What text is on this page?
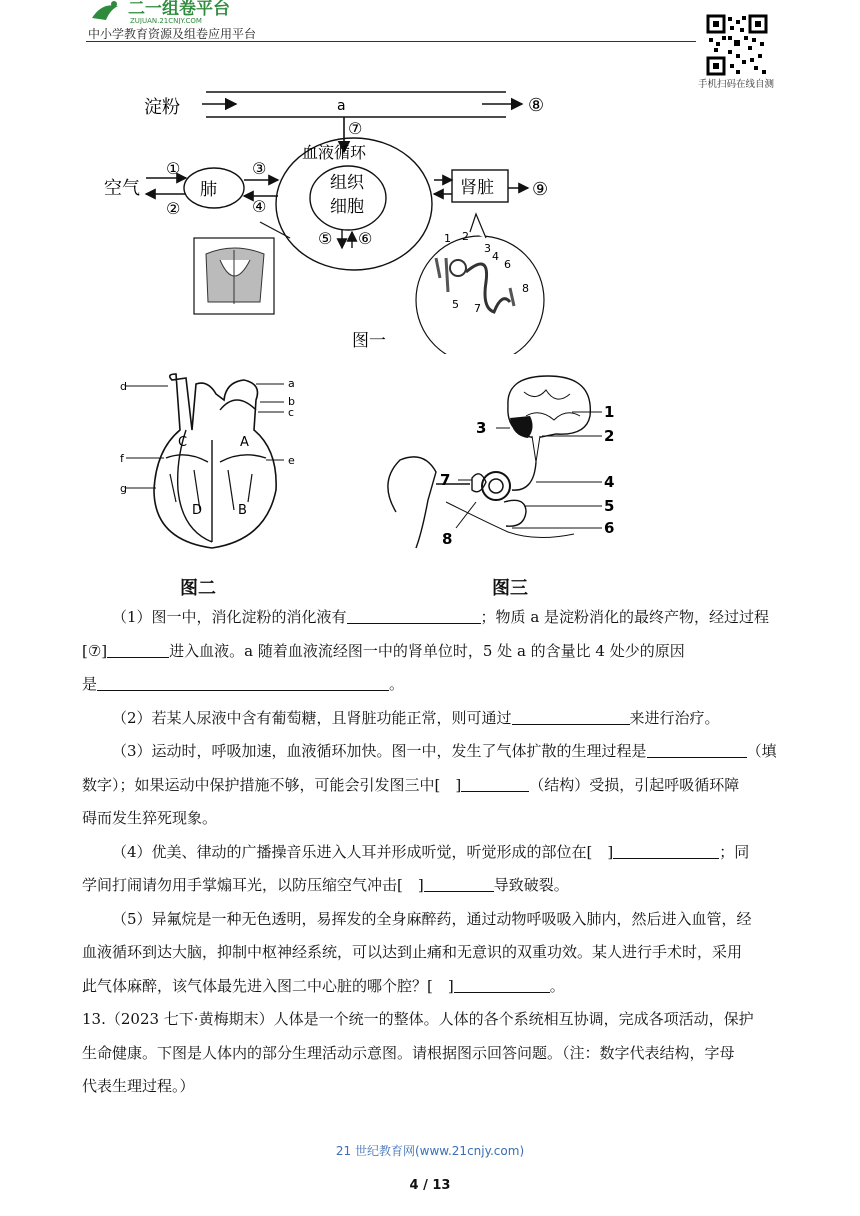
二一组卷平台
ZUJUAN.21CNJY.COM
中小学教育资源及组卷应用平台
手机扫码在线自测
淀粉	a	⑧
⑦
血液循环
组织
细胞
⑤ ⑥
空气
①
②
肺
③
④
肾脏 ⑨
1 2
3
4
5
6
7
8
图一
d	a
b
c
f	e
g
C	A
D	B
图二
1
2
3
4
5
6
7
8
图三

（1）图一中，消化淀粉的消化液有	；物质 a 是淀粉消化的最终产物，经过过程

[⑦]	进入血液。a 随着血液流经图一中的肾单位时，5 处 a 的含量比 4 处少的原因

是	。

（2）若某人尿液中含有葡萄糖，且肾脏功能正常，则可通过	来进行治疗。

（3）运动时，呼吸加速，血液循环加快。图一中，发生了气体扩散的生理过程是	（填

数字）；如果运动中保护措施不够，可能会引发图三中[　]	（结构）受损，引起呼吸循环障

碍而发生猝死现象。

（4）优美、律动的广播操音乐进入人耳并形成听觉，听觉形成的部位在[　]	；同

学间打闹请勿用手掌煽耳光，以防压缩空气冲击[　]	导致破裂。

（5）异氟烷是一种无色透明，易挥发的全身麻醉药，通过动物呼吸吸入肺内，然后进入血管，经

血液循环到达大脑，抑制中枢神经系统，可以达到止痛和无意识的双重功效。某人进行手术时，采用

此气体麻醉，该气体最先进入图二中心脏的哪个腔？[　]	。

13.（2023 七下·黄梅期末）人体是一个统一的整体。人体的各个系统相互协调，完成各项活动，保护

生命健康。下图是人体内的部分生理活动示意图。请根据图示回答问题。（注：数字代表结构，字母

代表生理过程。）

21 世纪教育网(www.21cnjy.com)
4 / 13
